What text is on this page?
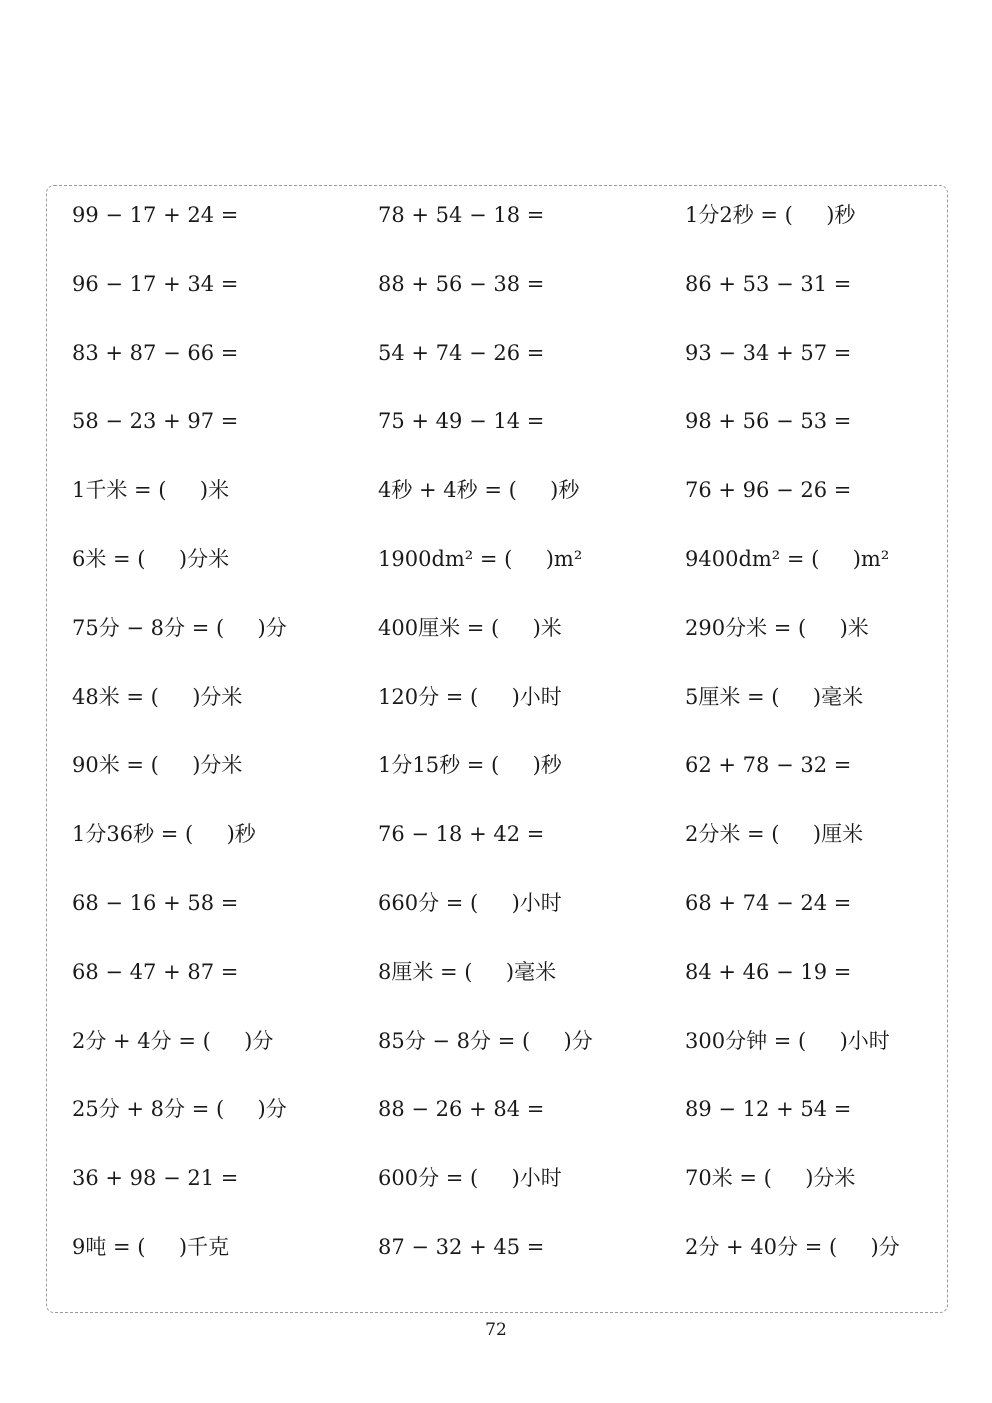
99 − 17 + 24 =	78 + 54 − 18 =	1分2秒 = (     )秒
96 − 17 + 34 =	88 + 56 − 38 =	86 + 53 − 31 =
83 + 87 − 66 =	54 + 74 − 26 =	93 − 34 + 57 =
58 − 23 + 97 =	75 + 49 − 14 =	98 + 56 − 53 =
1千米 = (     )米	4秒 + 4秒 = (     )秒	76 + 96 − 26 =
6米 = (     )分米	1900dm² = (     )m²	9400dm² = (     )m²
75分 − 8分 = (     )分	400厘米 = (     )米	290分米 = (     )米
48米 = (     )分米	120分 = (     )小时	5厘米 = (     )毫米
90米 = (     )分米	1分15秒 = (     )秒	62 + 78 − 32 =
1分36秒 = (     )秒	76 − 18 + 42 =	2分米 = (     )厘米
68 − 16 + 58 =	660分 = (     )小时	68 + 74 − 24 =
68 − 47 + 87 =	8厘米 = (     )毫米	84 + 46 − 19 =
2分 + 4分 = (     )分	85分 − 8分 = (     )分	300分钟 = (     )小时
25分 + 8分 = (     )分	88 − 26 + 84 =	89 − 12 + 54 =
36 + 98 − 21 =	600分 = (     )小时	70米 = (     )分米
9吨 = (     )千克	87 − 32 + 45 =	2分 + 40分 = (     )分
72
